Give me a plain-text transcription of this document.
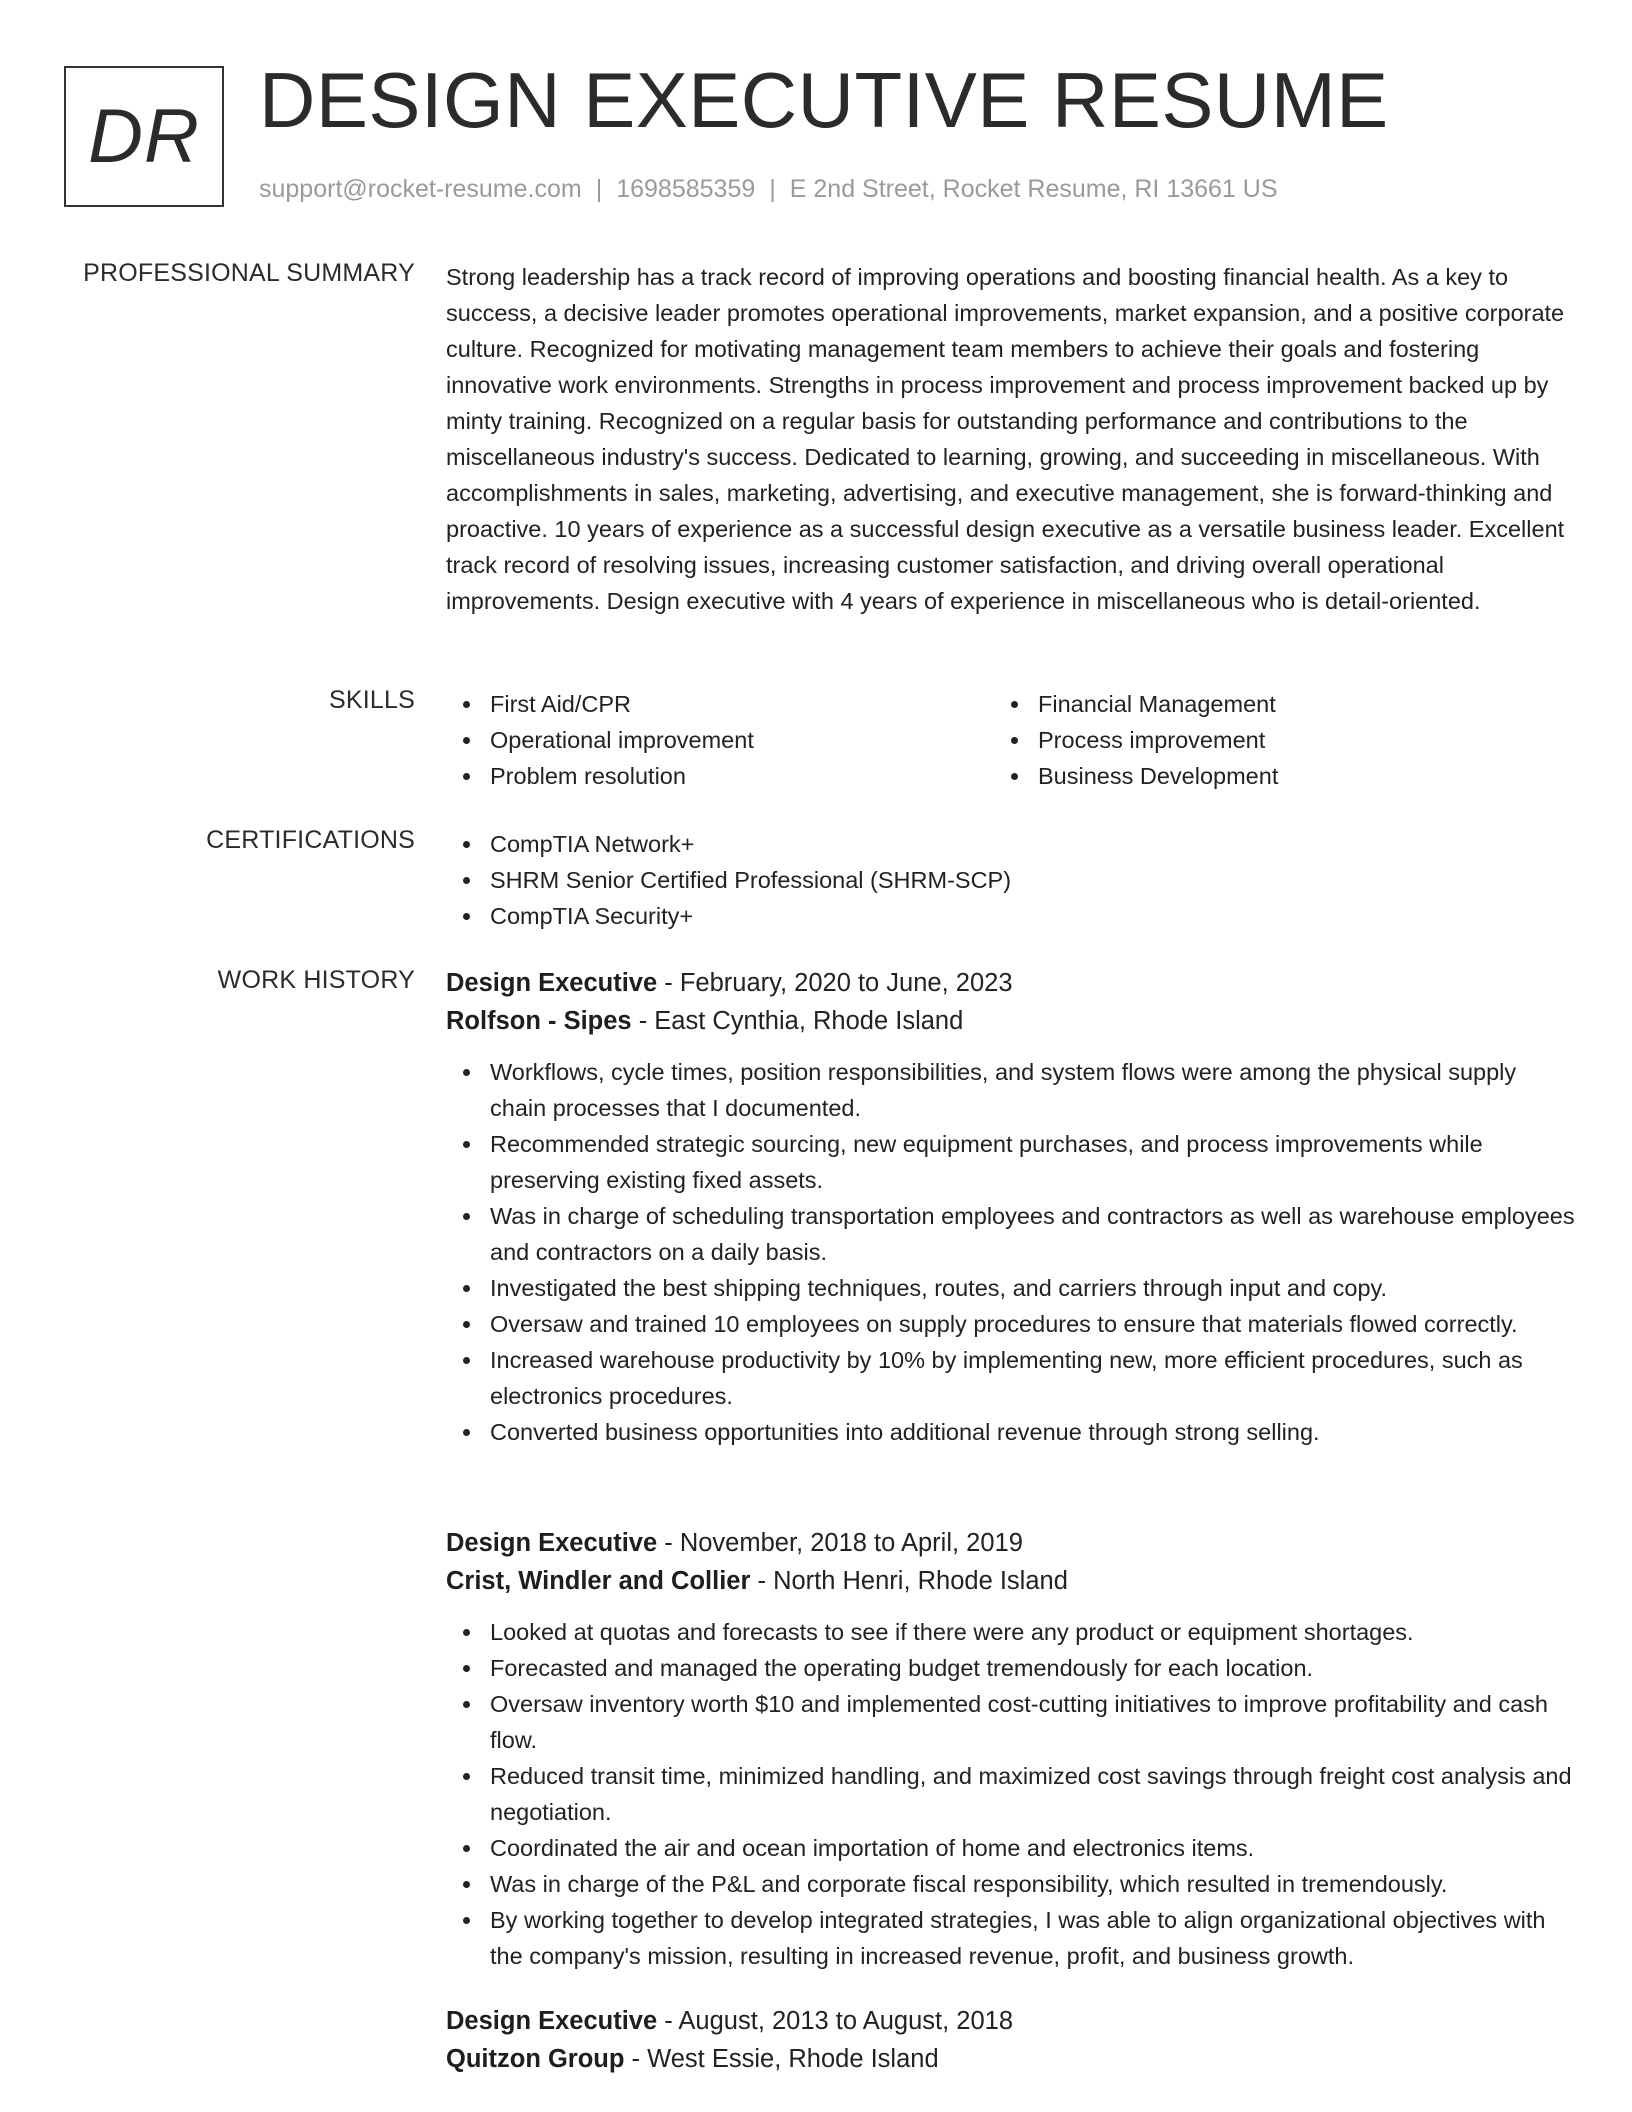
DR DESIGN EXECUTIVE RESUME
support@rocket-resume.com | 1698585359 | E 2nd Street, Rocket Resume, RI 13661 US
PROFESSIONAL SUMMARY Strong leadership has a track record of improving operations and boosting financial health. As a key to success, a decisive leader promotes operational improvements, market expansion, and a positive corporate culture. Recognized for motivating management team members to achieve their goals and fostering innovative work environments. Strengths in process improvement and process improvement backed up by minty training. Recognized on a regular basis for outstanding performance and contributions to the miscellaneous industry's success. Dedicated to learning, growing, and succeeding in miscellaneous. With accomplishments in sales, marketing, advertising, and executive management, she is forward-thinking and proactive. 10 years of experience as a successful design executive as a versatile business leader. Excellent track record of resolving issues, increasing customer satisfaction, and driving overall operational improvements. Design executive with 4 years of experience in miscellaneous who is detail-oriented.
SKILLS	First Aid/CPR
Operational improvement
Problem resolution
Financial Management
Process improvement
Business Development
CERTIFICATIONS	CompTIA Network+
SHRM Senior Certified Professional (SHRM-SCP)
CompTIA Security+
WORK HISTORY Design Executive - February, 2020 to June, 2023
Rolfson - Sipes - East Cynthia, Rhode Island
Workflows, cycle times, position responsibilities, and system flows were among the physical supply chain processes that I documented.
Recommended strategic sourcing, new equipment purchases, and process improvements while preserving existing fixed assets.
Was in charge of scheduling transportation employees and contractors as well as warehouse employees and contractors on a daily basis.
Investigated the best shipping techniques, routes, and carriers through input and copy.
Oversaw and trained 10 employees on supply procedures to ensure that materials flowed correctly.
Increased warehouse productivity by 10% by implementing new, more efficient procedures, such as electronics procedures.
Converted business opportunities into additional revenue through strong selling.
Design Executive - November, 2018 to April, 2019
Crist, Windler and Collier - North Henri, Rhode Island
Looked at quotas and forecasts to see if there were any product or equipment shortages.
Forecasted and managed the operating budget tremendously for each location.
Oversaw inventory worth $10 and implemented cost-cutting initiatives to improve profitability and cash flow.
Reduced transit time, minimized handling, and maximized cost savings through freight cost analysis and negotiation.
Coordinated the air and ocean importation of home and electronics items.
Was in charge of the P&L and corporate fiscal responsibility, which resulted in tremendously.
By working together to develop integrated strategies, I was able to align organizational objectives with the company's mission, resulting in increased revenue, profit, and business growth.
Design Executive - August, 2013 to August, 2018
Quitzon Group - West Essie, Rhode Island
